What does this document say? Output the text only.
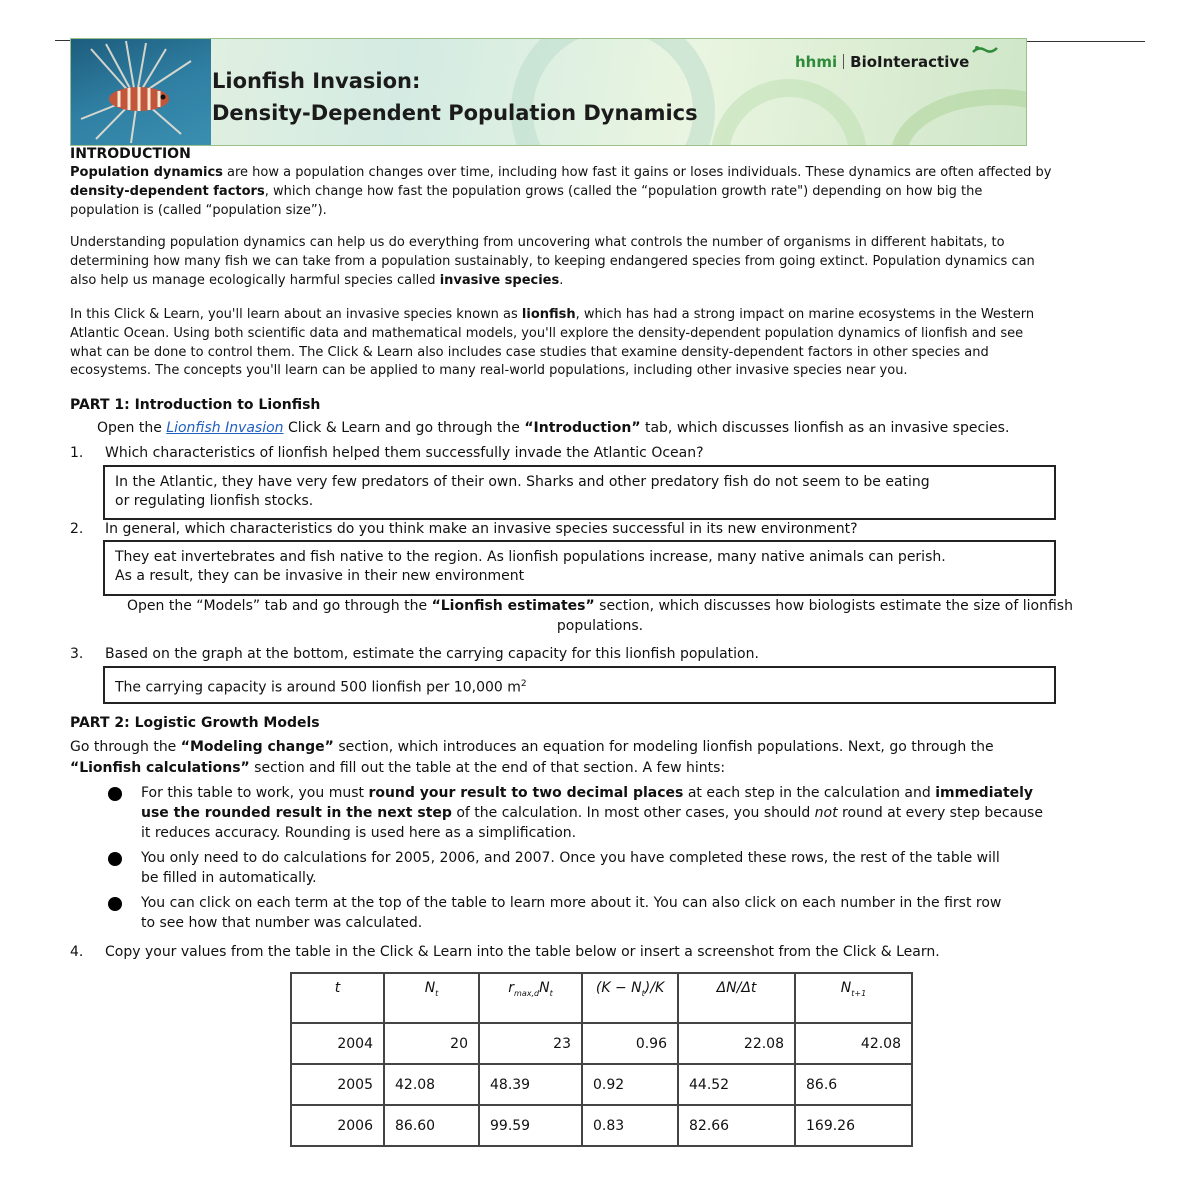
Lionfish Invasion:
Density-Dependent Population Dynamics
hhmi BioInteractive
INTRODUCTION
Population dynamics are how a population changes over time, including how fast it gains or loses individuals. These dynamics are often affected by
density-dependent factors, which change how fast the population grows (called the “population growth rate") depending on how big the
population is (called “population size”).
Understanding population dynamics can help us do everything from uncovering what controls the number of organisms in different habitats, to
determining how many fish we can take from a population sustainably, to keeping endangered species from going extinct. Population dynamics can
also help us manage ecologically harmful species called invasive species.
In this Click & Learn, you'll learn about an invasive species known as lionfish, which has had a strong impact on marine ecosystems in the Western
Atlantic Ocean. Using both scientific data and mathematical models, you'll explore the density-dependent population dynamics of lionfish and see
what can be done to control them. The Click & Learn also includes case studies that examine density-dependent factors in other species and
ecosystems. The concepts you'll learn can be applied to many real-world populations, including other invasive species near you.
PART 1: Introduction to Lionfish
Open the Lionfish Invasion Click & Learn and go through the “Introduction” tab, which discusses lionfish as an invasive species.
1. Which characteristics of lionfish helped them successfully invade the Atlantic Ocean?
In the Atlantic, they have very few predators of their own. Sharks and other predatory fish do not seem to be eating
or regulating lionfish stocks.
2. In general, which characteristics do you think make an invasive species successful in its new environment?
They eat invertebrates and fish native to the region. As lionfish populations increase, many native animals can perish.
As a result, they can be invasive in their new environment
Open the “Models” tab and go through the “Lionfish estimates” section, which discusses how biologists estimate the size of lionfish
populations.
3. Based on the graph at the bottom, estimate the carrying capacity for this lionfish population.
The carrying capacity is around 500 lionfish per 10,000 $m^2$
PART 2: Logistic Growth Models
Go through the “Modeling change” section, which introduces an equation for modeling lionfish populations. Next, go through the
“Lionfish calculations” section and fill out the table at the end of that section. A few hints:
For this table to work, you must round your result to two decimal places at each step in the calculation and immediately
use the rounded result in the next step of the calculation. In most other cases, you should not round at every step because
it reduces accuracy. Rounding is used here as a simplification.
You only need to do calculations for 2005, 2006, and 2007. Once you have completed these rows, the rest of the table will
be filled in automatically.
You can click on each term at the top of the table to learn more about it. You can also click on each number in the first row
to see how that number was calculated.
4. Copy your values from the table in the Click & Learn into the table below or insert a screenshot from the Click & Learn.
t	$N_t$	$r_{max,d}N_t$	$(K - N_t)/K$	ΔN/Δt	$N_{t+1}$
2004	20	23	0.96	22.08	42.08
2005	42.08	48.39	0.92	44.52	86.6
2006	86.60	99.59	0.83	82.66	169.26
